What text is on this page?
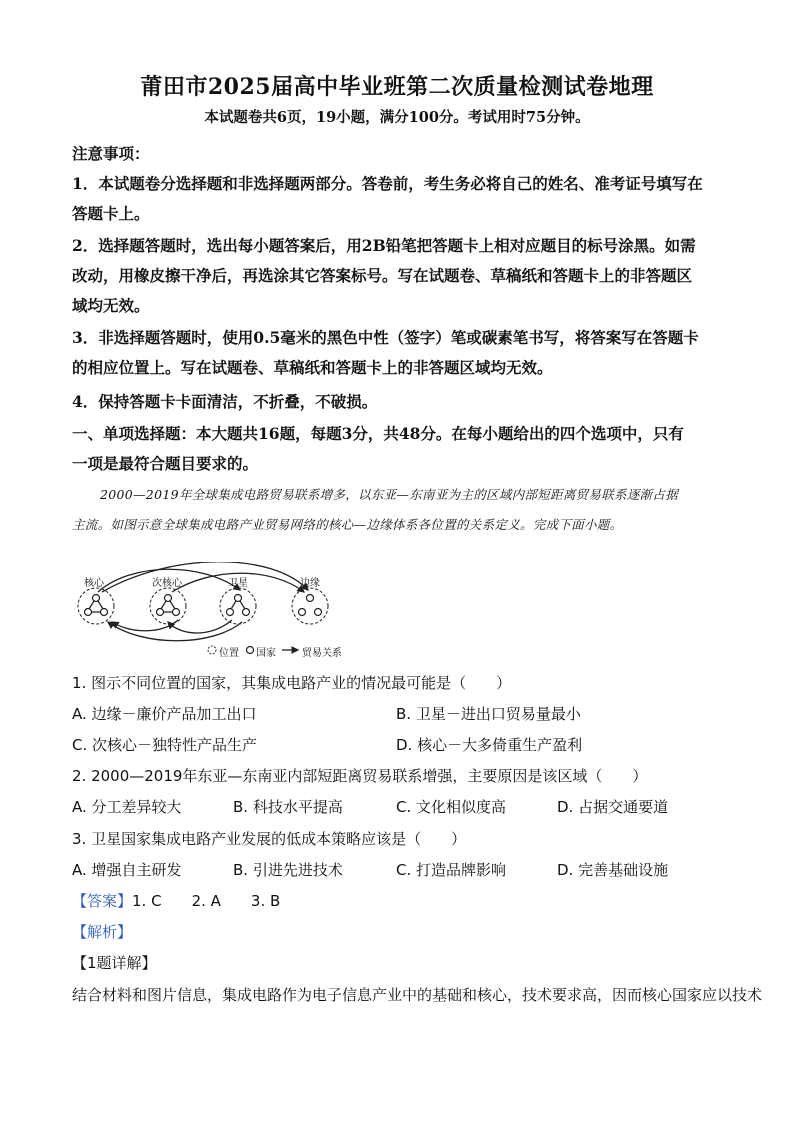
莆田市2025届高中毕业班第二次质量检测试卷地理
本试题卷共6页，19小题，满分100分。考试用时75分钟。
注意事项：
1．本试题卷分选择题和非选择题两部分。答卷前，考生务必将自己的姓名、准考证号填写在
答题卡上。
2．选择题答题时，选出每小题答案后，用2B铅笔把答题卡上相对应题目的标号涂黑。如需
改动，用橡皮擦干净后，再选涂其它答案标号。写在试题卷、草稿纸和答题卡上的非答题区
域均无效。
3．非选择题答题时，使用0.5毫米的黑色中性（签字）笔或碳素笔书写，将答案写在答题卡
的相应位置上。写在试题卷、草稿纸和答题卡上的非答题区域均无效。
4．保持答题卡卡面清洁，不折叠，不破损。
一、单项选择题：本大题共16题，每题3分，共48分。在每小题给出的四个选项中，只有
一项是最符合题目要求的。
2000—2019年全球集成电路贸易联系增多，以东亚—东南亚为主的区域内部短距离贸易联系逐渐占据
主流。如图示意全球集成电路产业贸易网络的核心—边缘体系各位置的关系定义。完成下面小题。
核心	次核心	卫星	边缘
位置 国家	贸易关系
1. 图示不同位置的国家，其集成电路产业的情况最可能是（　　）
A. 边缘－廉价产品加工出口	B. 卫星－进出口贸易量最小
C. 次核心－独特性产品生产	D. 核心－大多倚重生产盈利
2. 2000—2019年东亚—东南亚内部短距离贸易联系增强，主要原因是该区域（　　）
A. 分工差异较大	B. 科技水平提高	C. 文化相似度高	D. 占据交通要道
3. 卫星国家集成电路产业发展的低成本策略应该是（　　）
A. 增强自主研发	B. 引进先进技术	C. 打造品牌影响	D. 完善基础设施
【答案】1. C　　2. A　　3. B
【解析】
【1题详解】
结合材料和图片信息，集成电路作为电子信息产业中的基础和核心，技术要求高，因而核心国家应以技术
